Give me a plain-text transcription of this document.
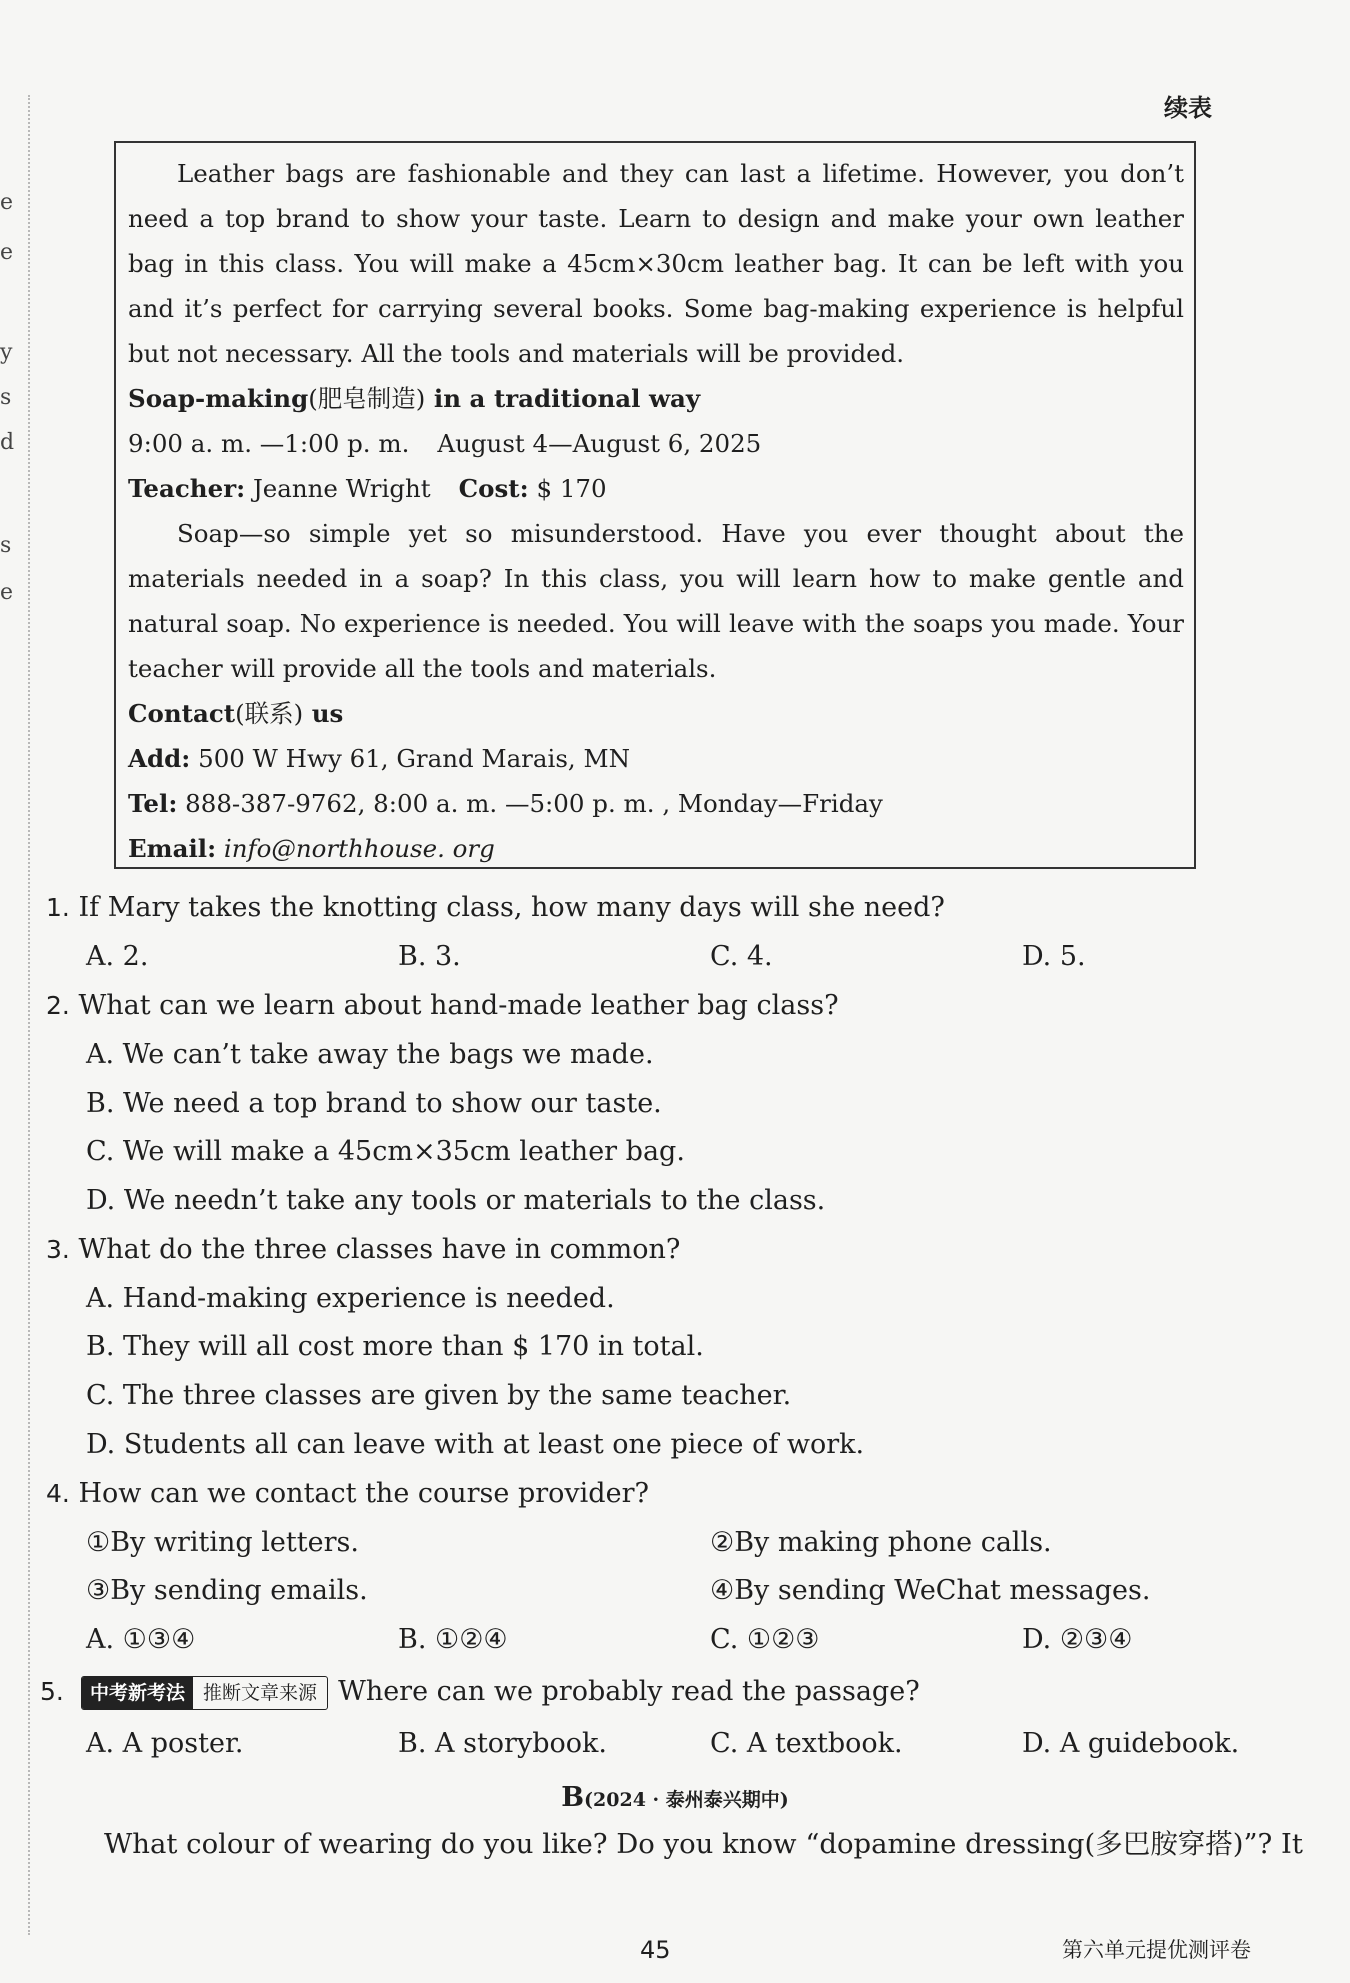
e
e
y
s
d
s
e
续表

Leather bags are fashionable and they can last a lifetime. However, you don’t need a top brand to show your taste. Learn to design and make your own leather bag in this class. You will make a 45cm×30cm leather bag. It can be left with you and it’s perfect for carrying several books. Some bag-making experience is helpful but not necessary. All the tools and materials will be provided.

Soap-making(肥皂制造) in a traditional way

9:00 a. m. —1:00 p. m. August 4—August 6, 2025

Teacher: Jeanne Wright Cost: $ 170

Soap—so simple yet so misunderstood. Have you ever thought about the materials needed in a soap? In this class, you will learn how to make gentle and natural soap. No experience is needed. You will leave with the soaps you made. Your teacher will provide all the tools and materials.

Contact(联系) us

Add: 500 W Hwy 61, Grand Marais, MN

Tel: 888-387-9762, 8:00 a. m. —5:00 p. m. , Monday—Friday

Email: info@northhouse. org

1. If Mary takes the knotting class, how many days will she need?
A. 2.	B. 3.	C. 4.	D. 5.
2. What can we learn about hand-made leather bag class?
A. We can’t take away the bags we made.
B. We need a top brand to show our taste.
C. We will make a 45cm×35cm leather bag.
D. We needn’t take any tools or materials to the class.
3. What do the three classes have in common?
A. Hand-making experience is needed.
B. They will all cost more than $ 170 in total.
C. The three classes are given by the same teacher.
D. Students all can leave with at least one piece of work.
4. How can we contact the course provider?
①By writing letters.	②By making phone calls.
③By sending emails.	④By sending WeChat messages.
A. ①③④	B. ①②④	C. ①②③	D. ②③④
5.	中考新考法 推断文章来源 Where can we probably read the passage?
A. A poster.	B. A storybook.	C. A textbook.	D. A guidebook.
B(2024 · 泰州泰兴期中)
What colour of wearing do you like? Do you know “dopamine dressing(多巴胺穿搭)”? It
45	第六单元提优测评卷
